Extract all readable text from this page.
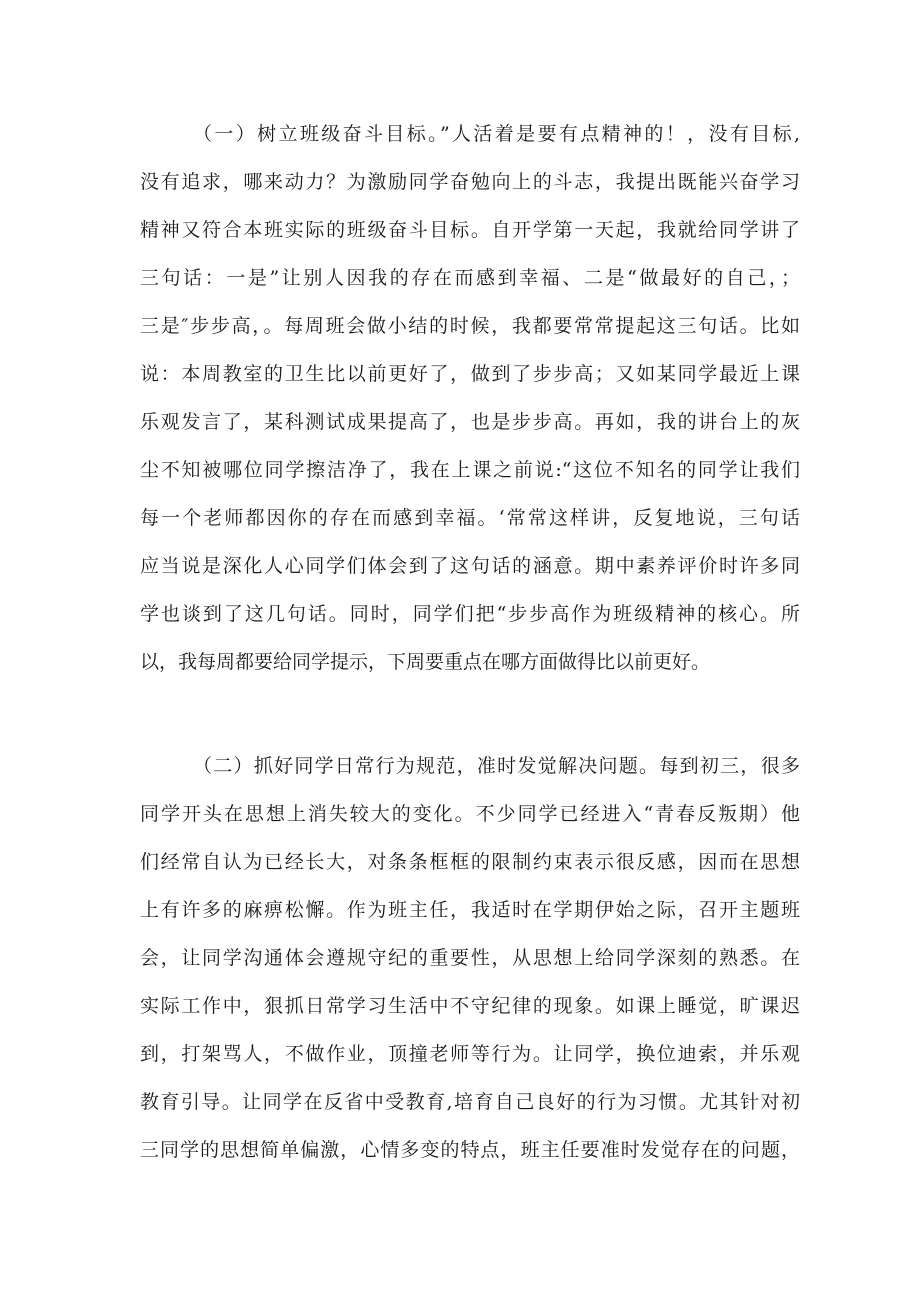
（一）树立班级奋斗目标。”人活着是要有点精神的！，没有目标,
没有追求，哪来动力？为激励同学奋勉向上的斗志，我提出既能兴奋学习
精神又符合本班实际的班级奋斗目标。自开学第一天起，我就给同学讲了
三句话：一是”让别人因我的存在而感到幸福、二是“做最好的自己，；
三是″步步高，。每周班会做小结的时候，我都要常常提起这三句话。比如
说：本周教室的卫生比以前更好了，做到了步步高；又如某同学最近上课
乐观发言了，某科测试成果提高了，也是步步高。再如，我的讲台上的灰
尘不知被哪位同学擦洁净了，我在上课之前说:“这位不知名的同学让我们
每一个老师都因你的存在而感到幸福。‘常常这样讲，反复地说，三句话
应当说是深化人心同学们体会到了这句话的涵意。期中素养评价时许多同
学也谈到了这几句话。同时，同学们把“步步高作为班级精神的核心。所
以，我每周都要给同学提示，下周要重点在哪方面做得比以前更好。
（二）抓好同学日常行为规范，准时发觉解决问题。每到初三，很多
同学开头在思想上消失较大的变化。不少同学已经进入“青春反叛期）他
们经常自认为已经长大，对条条框框的限制约束表示很反感，因而在思想
上有许多的麻痹松懈。作为班主任，我适时在学期伊始之际，召开主题班
会，让同学沟通体会遵规守纪的重要性，从思想上给同学深刻的熟悉。在
实际工作中，狠抓日常学习生活中不守纪律的现象。如课上睡觉，旷课迟
到，打架骂人，不做作业，顶撞老师等行为。让同学，换位迪索，并乐观
教育引导。让同学在反省中受教育,培育自己良好的行为习惯。尤其针对初
三同学的思想简单偏激，心情多变的特点，班主任要准时发觉存在的问题，
